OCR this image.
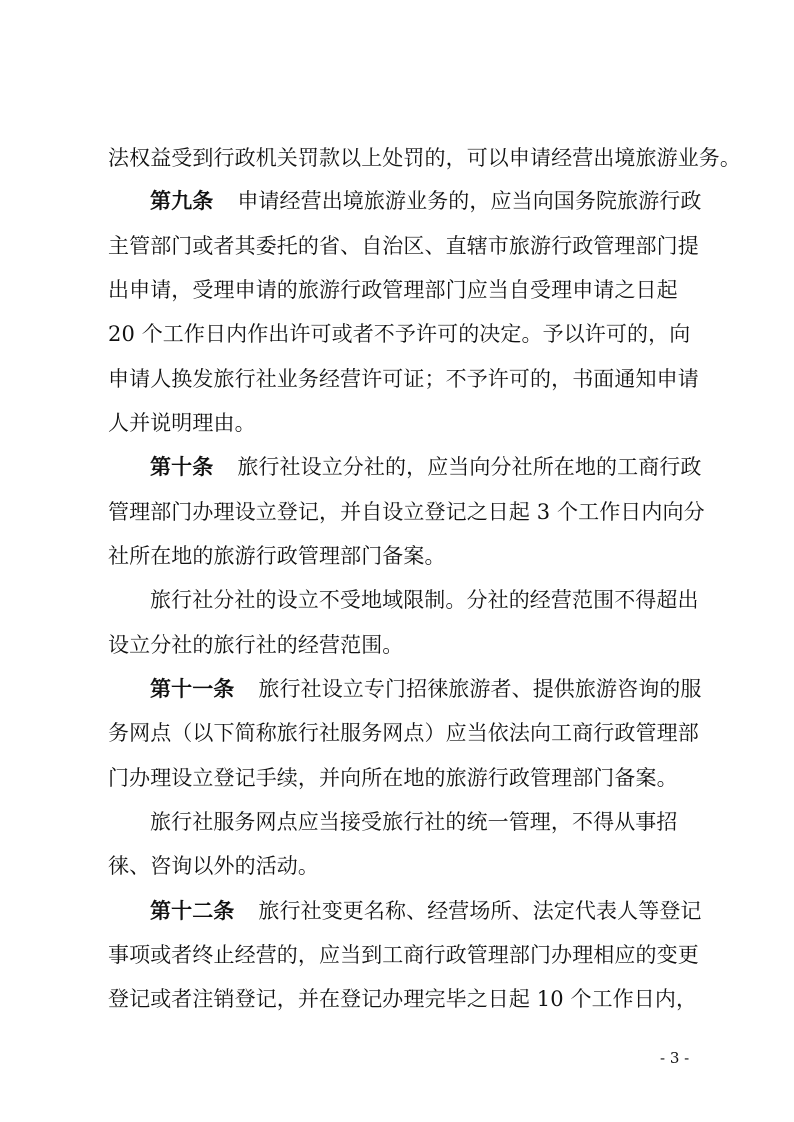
法权益受到行政机关罚款以上处罚的，可以申请经营出境旅游业务。
第九条 申请经营出境旅游业务的，应当向国务院旅游行政
主管部门或者其委托的省、自治区、直辖市旅游行政管理部门提
出申请，受理申请的旅游行政管理部门应当自受理申请之日起
20 个工作日内作出许可或者不予许可的决定。予以许可的，向
申请人换发旅行社业务经营许可证；不予许可的，书面通知申请
人并说明理由。
第十条 旅行社设立分社的，应当向分社所在地的工商行政
管理部门办理设立登记，并自设立登记之日起 3 个工作日内向分
社所在地的旅游行政管理部门备案。
旅行社分社的设立不受地域限制。分社的经营范围不得超出
设立分社的旅行社的经营范围。
第十一条 旅行社设立专门招徕旅游者、提供旅游咨询的服
务网点（以下简称旅行社服务网点）应当依法向工商行政管理部
门办理设立登记手续，并向所在地的旅游行政管理部门备案。
旅行社服务网点应当接受旅行社的统一管理，不得从事招
徕、咨询以外的活动。
第十二条 旅行社变更名称、经营场所、法定代表人等登记
事项或者终止经营的，应当到工商行政管理部门办理相应的变更
登记或者注销登记，并在登记办理完毕之日起 10 个工作日内，
- 3 -
